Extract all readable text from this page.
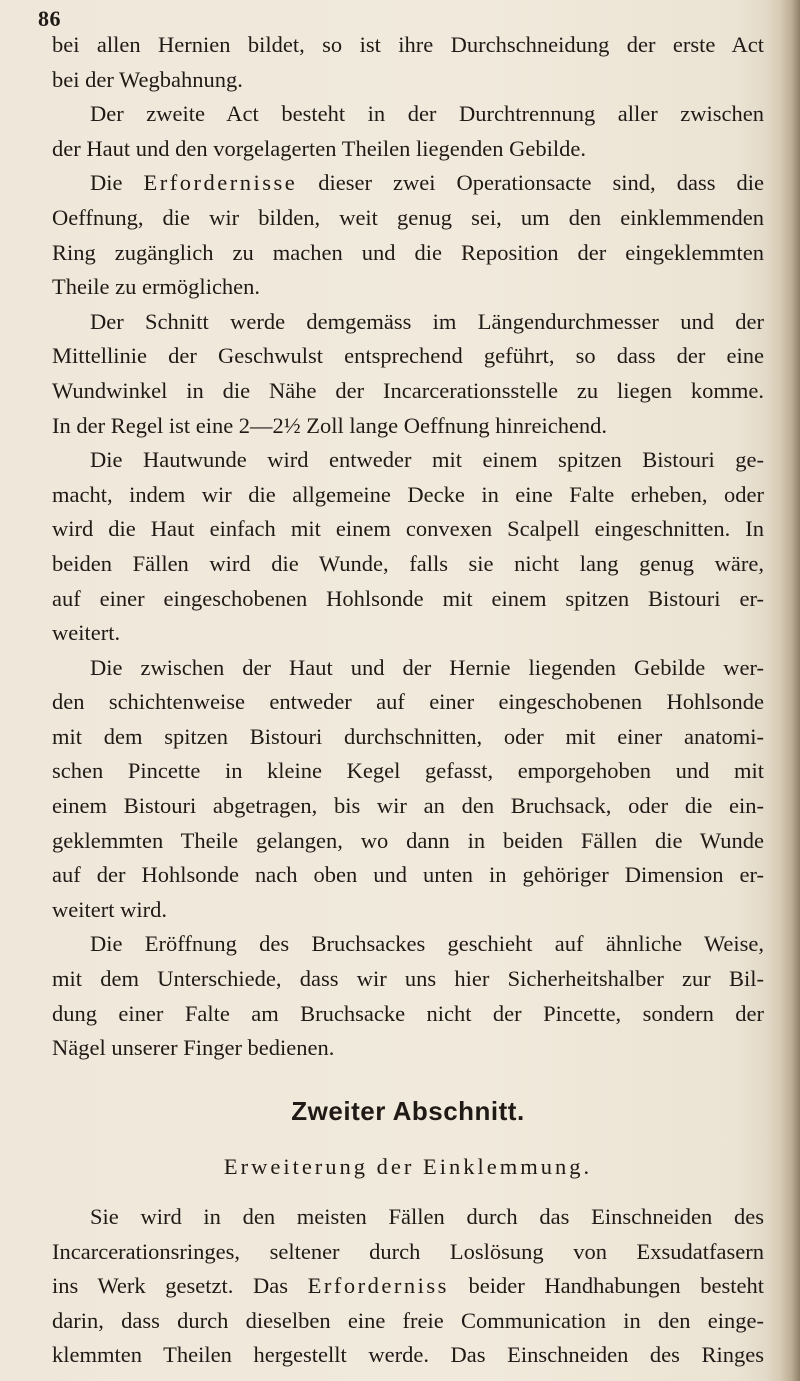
86
bei allen Hernien bildet, so ist ihre Durchschneidung der erste Act
bei der Wegbahnung.
Der zweite Act besteht in der Durchtrennung aller zwischen
der Haut und den vorgelagerten Theilen liegenden Gebilde.
Die Erfordernisse dieser zwei Operationsacte sind, dass die
Oeffnung, die wir bilden, weit genug sei, um den einklemmenden
Ring zugänglich zu machen und die Reposition der eingeklemmten
Theile zu ermöglichen.
Der Schnitt werde demgemäss im Längendurchmesser und der
Mittellinie der Geschwulst entsprechend geführt, so dass der eine
Wundwinkel in die Nähe der Incarcerationsstelle zu liegen komme.
In der Regel ist eine 2—2½ Zoll lange Oeffnung hinreichend.
Die Hautwunde wird entweder mit einem spitzen Bistouri ge-
macht, indem wir die allgemeine Decke in eine Falte erheben, oder
wird die Haut einfach mit einem convexen Scalpell eingeschnitten. In
beiden Fällen wird die Wunde, falls sie nicht lang genug wäre,
auf einer eingeschobenen Hohlsonde mit einem spitzen Bistouri er-
weitert.
Die zwischen der Haut und der Hernie liegenden Gebilde wer-
den schichtenweise entweder auf einer eingeschobenen Hohlsonde
mit dem spitzen Bistouri durchschnitten, oder mit einer anatomi-
schen Pincette in kleine Kegel gefasst, emporgehoben und mit
einem Bistouri abgetragen, bis wir an den Bruchsack, oder die ein-
geklemmten Theile gelangen, wo dann in beiden Fällen die Wunde
auf der Hohlsonde nach oben und unten in gehöriger Dimension er-
weitert wird.
Die Eröffnung des Bruchsackes geschieht auf ähnliche Weise,
mit dem Unterschiede, dass wir uns hier Sicherheitshalber zur Bil-
dung einer Falte am Bruchsacke nicht der Pincette, sondern der
Nägel unserer Finger bedienen.
Zweiter Abschnitt.
Erweiterung der Einklemmung.
Sie wird in den meisten Fällen durch das Einschneiden des
Incarcerationsringes, seltener durch Loslösung von Exsudatfasern
ins Werk gesetzt. Das Erforderniss beider Handhabungen besteht
darin, dass durch dieselben eine freie Communication in den einge-
klemmten Theilen hergestellt werde. Das Einschneiden des Ringes
